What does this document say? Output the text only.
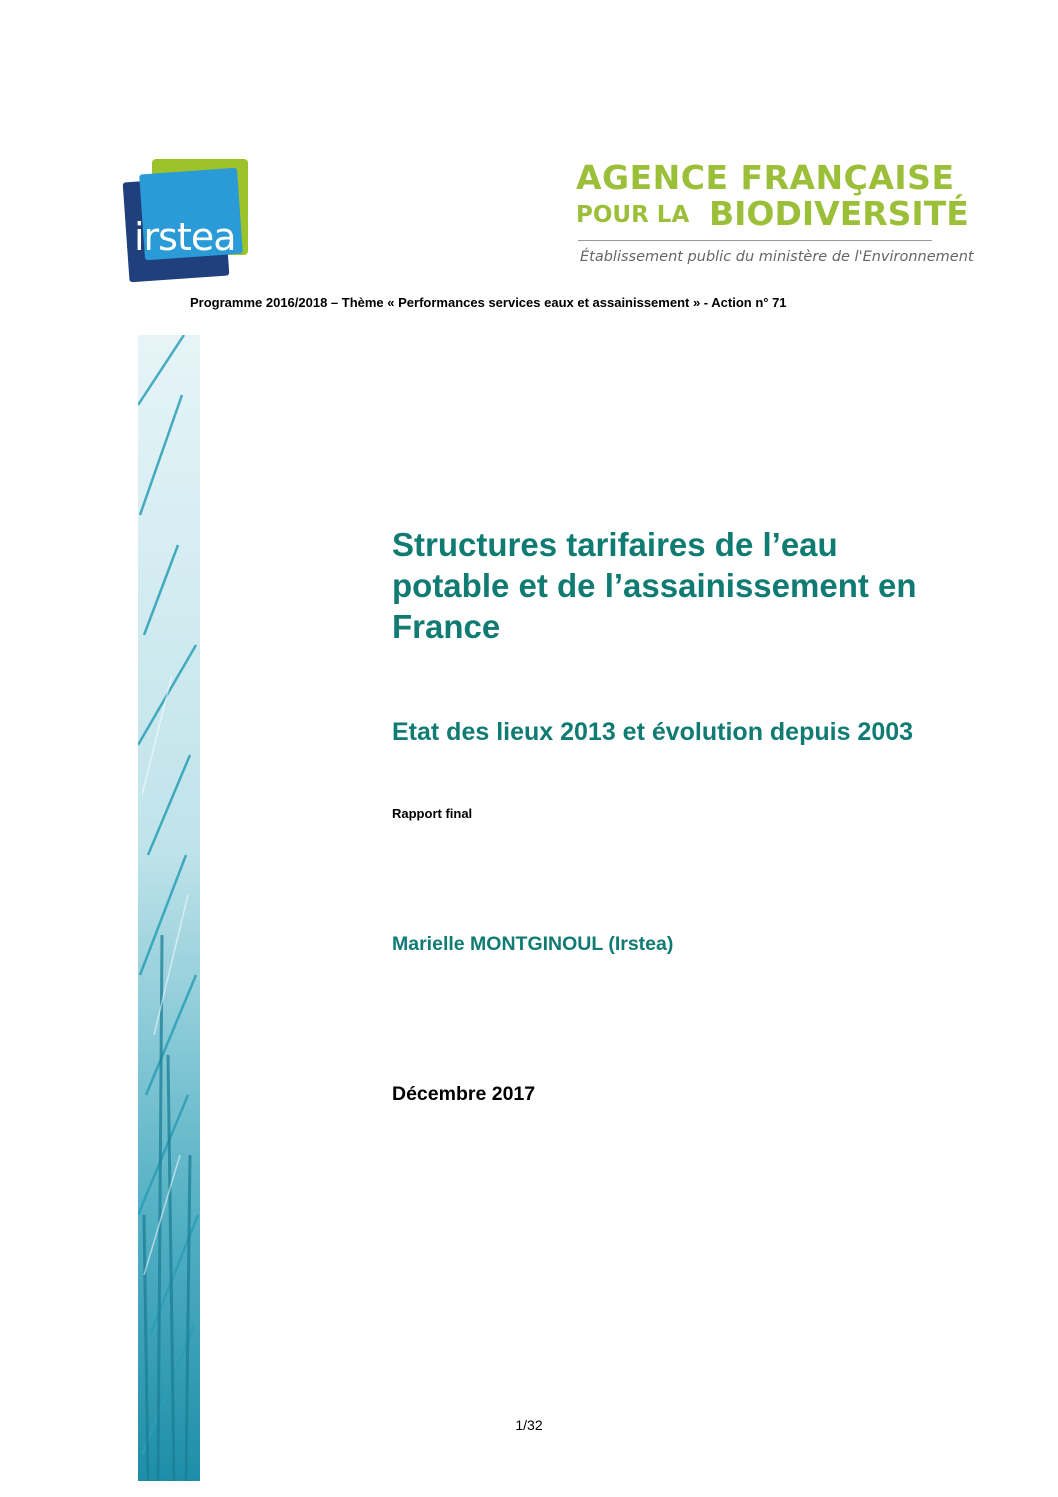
irstea
AGENCE FRANÇAISE
POUR LA BIODIVERSITÉ
Établissement public du ministère de l'Environnement
Programme 2016/2018 – Thème « Performances services eaux et assainissement » - Action n° 71
Structures tarifaires de l’eau potable et de l’assainissement en France
Etat des lieux 2013 et évolution depuis 2003
Rapport final
Marielle MONTGINOUL (Irstea)
Décembre 2017
1/32
